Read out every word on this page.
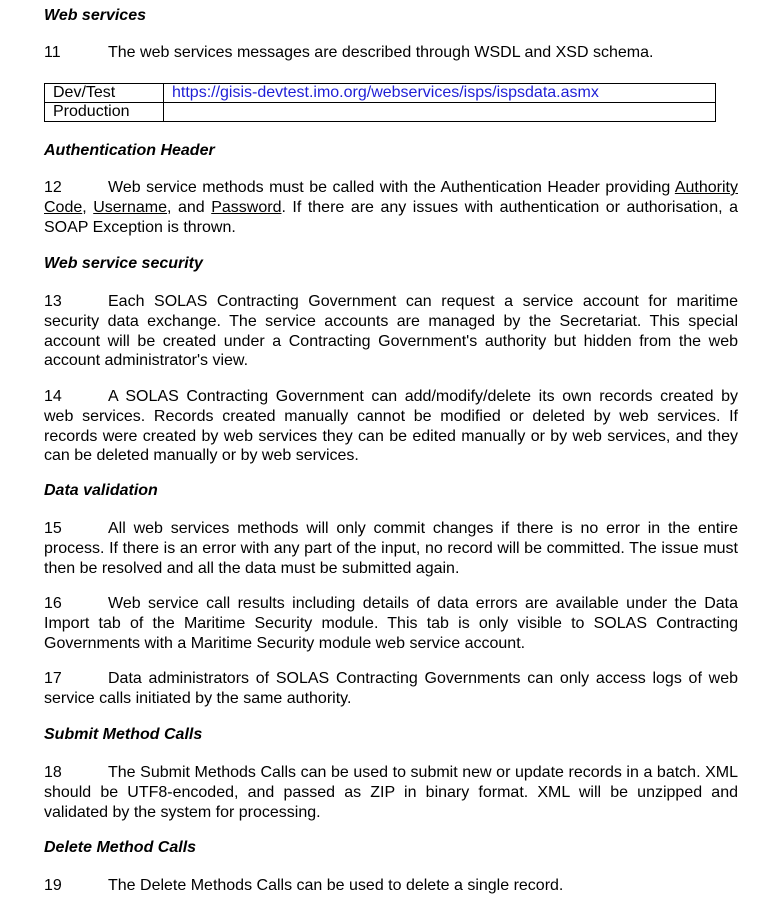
Web services
11	The web services messages are described through WSDL and XSD schema.
Dev/Test	https://gisis-devtest.imo.org/webservices/isps/ispsdata.asmx
Production	
Authentication Header
12	Web service methods must be called with the Authentication Header providing Authority Code, Username, and Password. If there are any issues with authentication or authorisation, a SOAP Exception is thrown.
Web service security
13	Each SOLAS Contracting Government can request a service account for maritime security data exchange. The service accounts are managed by the Secretariat. This special account will be created under a Contracting Government's authority but hidden from the web account administrator's view.
14	A SOLAS Contracting Government can add/modify/delete its own records created by web services. Records created manually cannot be modified or deleted by web services. If records were created by web services they can be edited manually or by web services, and they can be deleted manually or by web services.
Data validation
15	All web services methods will only commit changes if there is no error in the entire process. If there is an error with any part of the input, no record will be committed. The issue must then be resolved and all the data must be submitted again.
16	Web service call results including details of data errors are available under the Data Import tab of the Maritime Security module. This tab is only visible to SOLAS Contracting Governments with a Maritime Security module web service account.
17	Data administrators of SOLAS Contracting Governments can only access logs of web service calls initiated by the same authority.
Submit Method Calls
18	The Submit Methods Calls can be used to submit new or update records in a batch. XML should be UTF8-encoded, and passed as ZIP in binary format. XML will be unzipped and validated by the system for processing.
Delete Method Calls
19	The Delete Methods Calls can be used to delete a single record.
